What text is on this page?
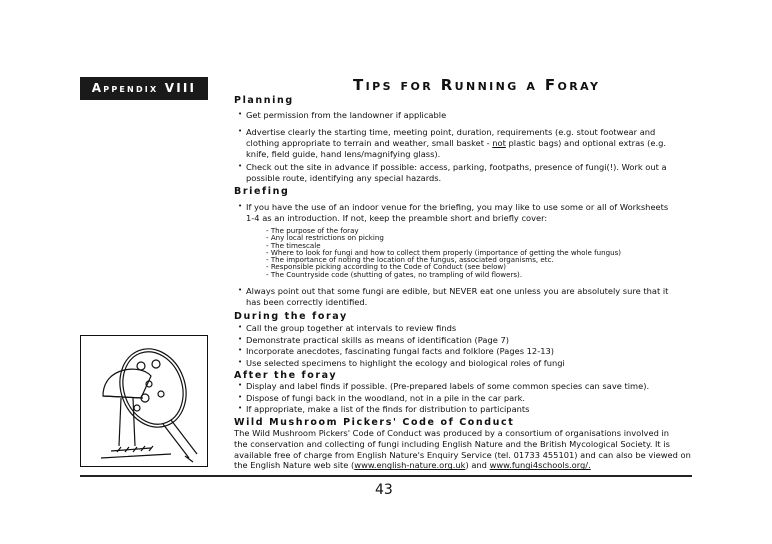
Appendix VIII	Tips for Running a Foray
Planning
• Get permission from the landowner if applicable
• Advertise clearly the starting time, meeting point, duration, requirements (e.g. stout footwear and
clothing appropriate to terrain and weather, small basket - not plastic bags) and optional extras (e.g.
knife, field guide, hand lens/magnifying glass).
• Check out the site in advance if possible: access, parking, footpaths, presence of fungi(!). Work out a
possible route, identifying any special hazards.
Briefing
• If you have the use of an indoor venue for the briefing, you may like to use some or all of Worksheets
1-4 as an introduction. If not, keep the preamble short and briefly cover:
- The purpose of the foray
- Any local restrictions on picking
- The timescale
- Where to look for fungi and how to collect them properly (importance of getting the whole fungus)
- The importance of noting the location of the fungus, associated organisms, etc.
- Responsible picking according to the Code of Conduct (see below)
- The Countryside code (shutting of gates, no trampling of wild flowers).
• Always point out that some fungi are edible, but NEVER eat one unless you are absolutely sure that it
has been correctly identified.
During the foray
• Call the group together at intervals to review finds
• Demonstrate practical skills as means of identification (Page 7)
• Incorporate anecdotes, fascinating fungal facts and folklore (Pages 12-13)
• Use selected specimens to highlight the ecology and biological roles of fungi
After the foray
• Display and label finds if possible. (Pre-prepared labels of some common species can save time).
• Dispose of fungi back in the woodland, not in a pile in the car park.
• If appropriate, make a list of the finds for distribution to participants
Wild Mushroom Pickers' Code of Conduct
The Wild Mushroom Pickers' Code of Conduct was produced by a consortium of organisations involved in
the conservation and collecting of fungi including English Nature and the British Mycological Society. It is
available free of charge from English Nature's Enquiry Service (tel. 01733 455101) and can also be viewed on
the English Nature web site (www.english-nature.org.uk) and www.fungi4schools.org/.
43
